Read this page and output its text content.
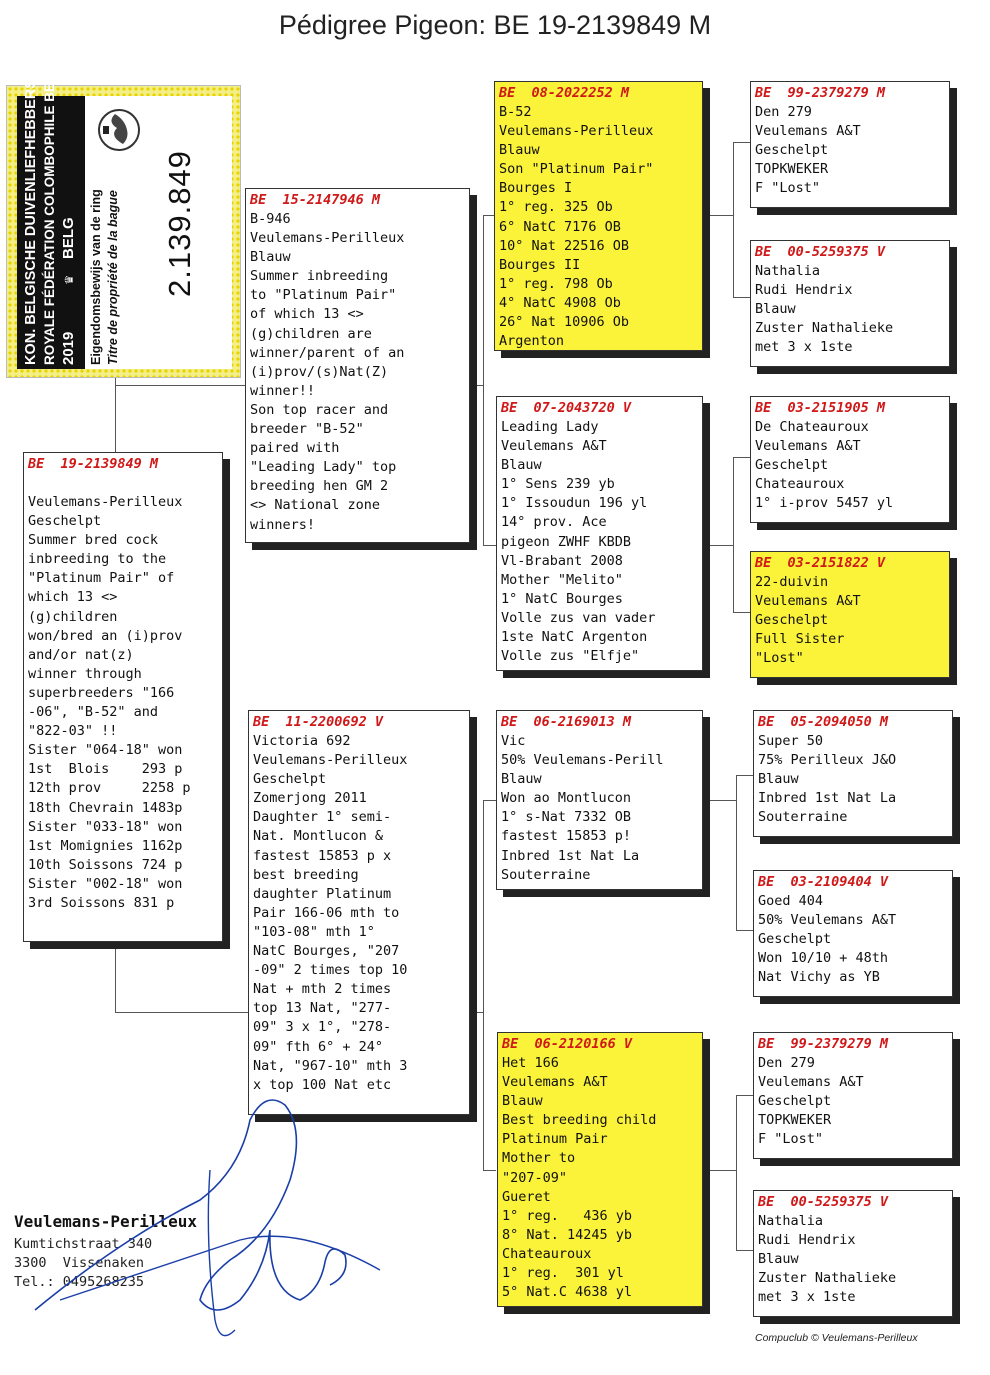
Pédigree Pigeon: BE 19-2139849 M
KON. BELGISCHE DUIVENLIEFHEBBERSBOND ROYALE FÉDÉRATION COLOMBOPHILE BELGE 2019
♛
BELG Eigendomsbewijs van de ring Titre de propriété de la bague 2.139.849
BE  19-2139849 M
Veulemans-Perilleux
Geschelpt
Summer bred cock
inbreeding to the
"Platinum Pair" of
which 13 <>
(g)children
won/bred an (i)prov
and/or nat(z)
winner through
superbreeders "166
-06", "B-52" and
"822-03" !!
Sister "064-18" won
1st  Blois    293 p
12th prov     2258 p
18th Chevrain 1483p
Sister "033-18" won
1st Momignies 1162p
10th Soissons 724 p
Sister "002-18" won
3rd Soissons 831 p
BE  15-2147946 M
B-946
Veulemans-Perilleux
Blauw
Summer inbreeding
to "Platinum Pair"
of which 13 <>
(g)children are
winner/parent of an
(i)prov/(s)Nat(Z)
winner!!
Son top racer and
breeder "B-52"
paired with
"Leading Lady" top
breeding hen GM 2
<> National zone
winners!
BE  11-2200692 V
Victoria 692
Veulemans-Perilleux
Geschelpt
Zomerjong 2011
Daughter 1° semi-
Nat. Montlucon &
fastest 15853 p x
best breeding
daughter Platinum
Pair 166-06 mth to
"103-08" mth 1°
NatC Bourges, "207
-09" 2 times top 10
Nat + mth 2 times
top 13 Nat, "277-
09" 3 x 1°, "278-
09" fth 6° + 24°
Nat, "967-10" mth 3
x top 100 Nat etc
BE  08-2022252 M
B-52
Veulemans-Perilleux
Blauw
Son "Platinum Pair"
Bourges I
1° reg. 325 Ob
6° NatC 7176 OB
10° Nat 22516 OB
Bourges II
1° reg. 798 Ob
4° NatC 4908 Ob
26° Nat 10906 Ob
Argenton
BE  07-2043720 V
Leading Lady
Veulemans A&T
Blauw
1° Sens 239 yb
1° Issoudun 196 yl
14° prov. Ace
pigeon ZWHF KBDB
Vl-Brabant 2008
Mother "Melito"
1° NatC Bourges
Volle zus van vader
1ste NatC Argenton
Volle zus "Elfje"
BE  06-2169013 M
Vic
50% Veulemans-Perill
Blauw
Won ao Montlucon
1° s-Nat 7332 OB
fastest 15853 p!
Inbred 1st Nat La
Souterraine
BE  06-2120166 V
Het 166
Veulemans A&T
Blauw
Best breeding child
Platinum Pair
Mother to
"207-09"
Gueret
1° reg.   436 yb
8° Nat. 14245 yb
Chateauroux
1° reg.  301 yl
5° Nat.C 4638 yl
BE  99-2379279 M
Den 279
Veulemans A&T
Geschelpt
TOPKWEKER
F "Lost"
BE  00-5259375 V
Nathalia
Rudi Hendrix
Blauw
Zuster Nathalieke
met 3 x 1ste
BE  03-2151905 M
De Chateauroux
Veulemans A&T
Geschelpt
Chateauroux
1° i-prov 5457 yl
BE  03-2151822 V
22-duivin
Veulemans A&T
Geschelpt
Full Sister
"Lost"
BE  05-2094050 M
Super 50
75% Perilleux J&O
Blauw
Inbred 1st Nat La
Souterraine
BE  03-2109404 V
Goed 404
50% Veulemans A&T
Geschelpt
Won 10/10 + 48th
Nat Vichy as YB
BE  99-2379279 M
Den 279
Veulemans A&T
Geschelpt
TOPKWEKER
F "Lost"
BE  00-5259375 V
Nathalia
Rudi Hendrix
Blauw
Zuster Nathalieke
met 3 x 1ste
Veulemans-Perilleux
Kumtichstraat 340
3300  Vissenaken
Tel.: 0495268235
Compuclub © Veulemans-Perilleux
